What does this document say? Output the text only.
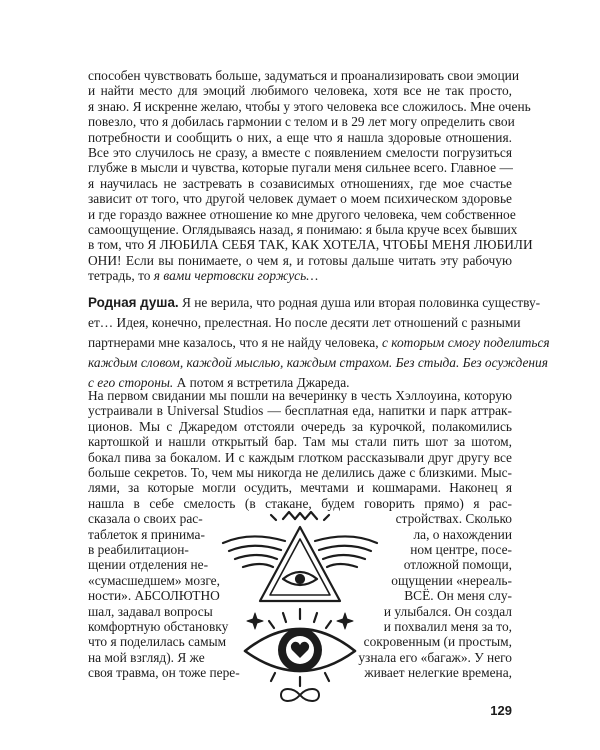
способен чувствовать больше, задуматься и проанализировать свои эмоции

и найти место для эмоций любимого человека, хотя все не так просто,

я знаю. Я искренне желаю, чтобы у этого человека все сложилось. Мне очень

повезло, что я добилась гармонии с телом и в 29 лет могу определить свои

потребности и сообщить о них, а еще что я нашла здоровые отношения.

Все это случилось не сразу, а вместе с появлением смелости погрузиться

глубже в мысли и чувства, которые пугали меня сильнее всего. Главное —

я научилась не застревать в созависимых отношениях, где мое счастье

зависит от того, что другой человек думает о моем психическом здоровье

и где гораздо важнее отношение ко мне другого человека, чем собственное

самоощущение. Оглядываясь назад, я понимаю: я была круче всех бывших

в том, что Я ЛЮБИЛА СЕБЯ ТАК, КАК ХОТЕЛА, ЧТОБЫ МЕНЯ ЛЮБИЛИ

ОНИ! Если вы понимаете, о чем я, и готовы дальше читать эту рабочую

тетрадь, то я вами чертовски горжусь…

Родная душа. Я не верила, что родная душа или вторая половинка существу-

ет… Идея, конечно, прелестная. Но после десяти лет отношений с разными

партнерами мне казалось, что я не найду человека, с которым смогу поделиться

каждым словом, каждой мыслью, каждым страхом. Без стыда. Без осуждения

с его стороны. А потом я встретила Джареда.

На первом свидании мы пошли на вечеринку в честь Хэллоуина, которую

устраивали в Universal Studios — бесплатная еда, напитки и парк аттрак-

ционов. Мы с Джаредом отстояли очередь за курочкой, полакомились

картошкой и нашли открытый бар. Там мы стали пить шот за шотом,

бокал пива за бокалом. И с каждым глотком рассказывали друг другу все

больше секретов. То, чем мы никогда не делились даже с близкими. Мыс-

лями, за которые могли осудить, мечтами и кошмарами. Наконец я

нашла в себе смелость (в стакане, будем говорить прямо) я рас-

сказала о своих рас-	стройствах. Сколько

таблеток я принима-	ла, о нахождении

в реабилитацион-	ном центре, посе-

щении отделения не-	отложной помощи,

«сумасшедшем» мозге,	ощущении «нереаль-

ности». АБСОЛЮТНО	ВСЁ. Он меня слу-

шал, задавал вопросы	и улыбался. Он создал

комфортную обстановку	и похвалил меня за то,

что я поделилась самым	сокровенным (и простым,

на мой взгляд). Я же	узнала его «багаж». У него

своя травма, он тоже пере-	живает нелегкие времена,

129
